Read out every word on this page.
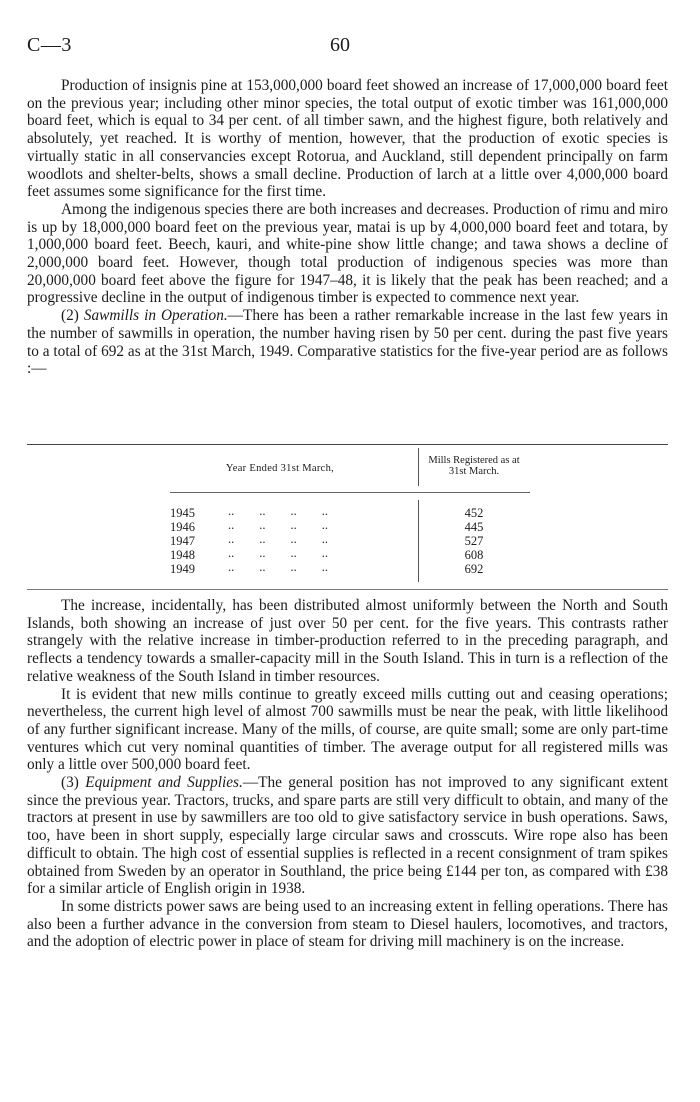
C—3	60

Production of insignis pine at 153,000,000 board feet showed an increase of 17,000,000 board feet on the previous year; including other minor species, the total output of exotic timber was 161,000,000 board feet, which is equal to 34 per cent. of all timber sawn, and the highest figure, both relatively and absolutely, yet reached. It is worthy of mention, however, that the production of exotic species is virtually static in all conservancies except Rotorua, and Auckland, still dependent principally on farm woodlots and shelter-belts, shows a small decline. Production of larch at a little over 4,000,000 board feet assumes some significance for the first time.

Among the indigenous species there are both increases and decreases. Production of rimu and miro is up by 18,000,000 board feet on the previous year, matai is up by 4,000,000 board feet and totara, by 1,000,000 board feet. Beech, kauri, and white-pine show little change; and tawa shows a decline of 2,000,000 board feet. However, though total production of indigenous species was more than 20,000,000 board feet above the figure for 1947–48, it is likely that the peak has been reached; and a progressive decline in the output of indigenous timber is expected to commence next year.

(2) Sawmills in Operation.—There has been a rather remarkable increase in the last few years in the number of sawmills in operation, the number having risen by 50 per cent. during the past five years to a total of 692 as at the 31st March, 1949. Comparative statistics for the five-year period are as follows :—

Year Ended 31st March,
Mills Registered as at 31st March.
1945	..        ..        ..        ..	452
1946	..        ..        ..        ..	445
1947	..        ..        ..        ..	527
1948	..        ..        ..        ..	608
1949	..        ..        ..        ..	692

The increase, incidentally, has been distributed almost uniformly between the North and South Islands, both showing an increase of just over 50 per cent. for the five years. This contrasts rather strangely with the relative increase in timber-production referred to in the preceding paragraph, and reflects a tendency towards a smaller-capacity mill in the South Island. This in turn is a reflection of the relative weakness of the South Island in timber resources.

It is evident that new mills continue to greatly exceed mills cutting out and ceasing operations; nevertheless, the current high level of almost 700 sawmills must be near the peak, with little likelihood of any further significant increase. Many of the mills, of course, are quite small; some are only part-time ventures which cut very nominal quantities of timber. The average output for all registered mills was only a little over 500,000 board feet.

(3) Equipment and Supplies.—The general position has not improved to any significant extent since the previous year. Tractors, trucks, and spare parts are still very difficult to obtain, and many of the tractors at present in use by sawmillers are too old to give satisfactory service in bush operations. Saws, too, have been in short supply, especially large circular saws and crosscuts. Wire rope also has been difficult to obtain. The high cost of essential supplies is reflected in a recent consignment of tram spikes obtained from Sweden by an operator in Southland, the price being £144 per ton, as compared with £38 for a similar article of English origin in 1938.

In some districts power saws are being used to an increasing extent in felling operations. There has also been a further advance in the conversion from steam to Diesel haulers, locomotives, and tractors, and the adoption of electric power in place of steam for driving mill machinery is on the increase.
